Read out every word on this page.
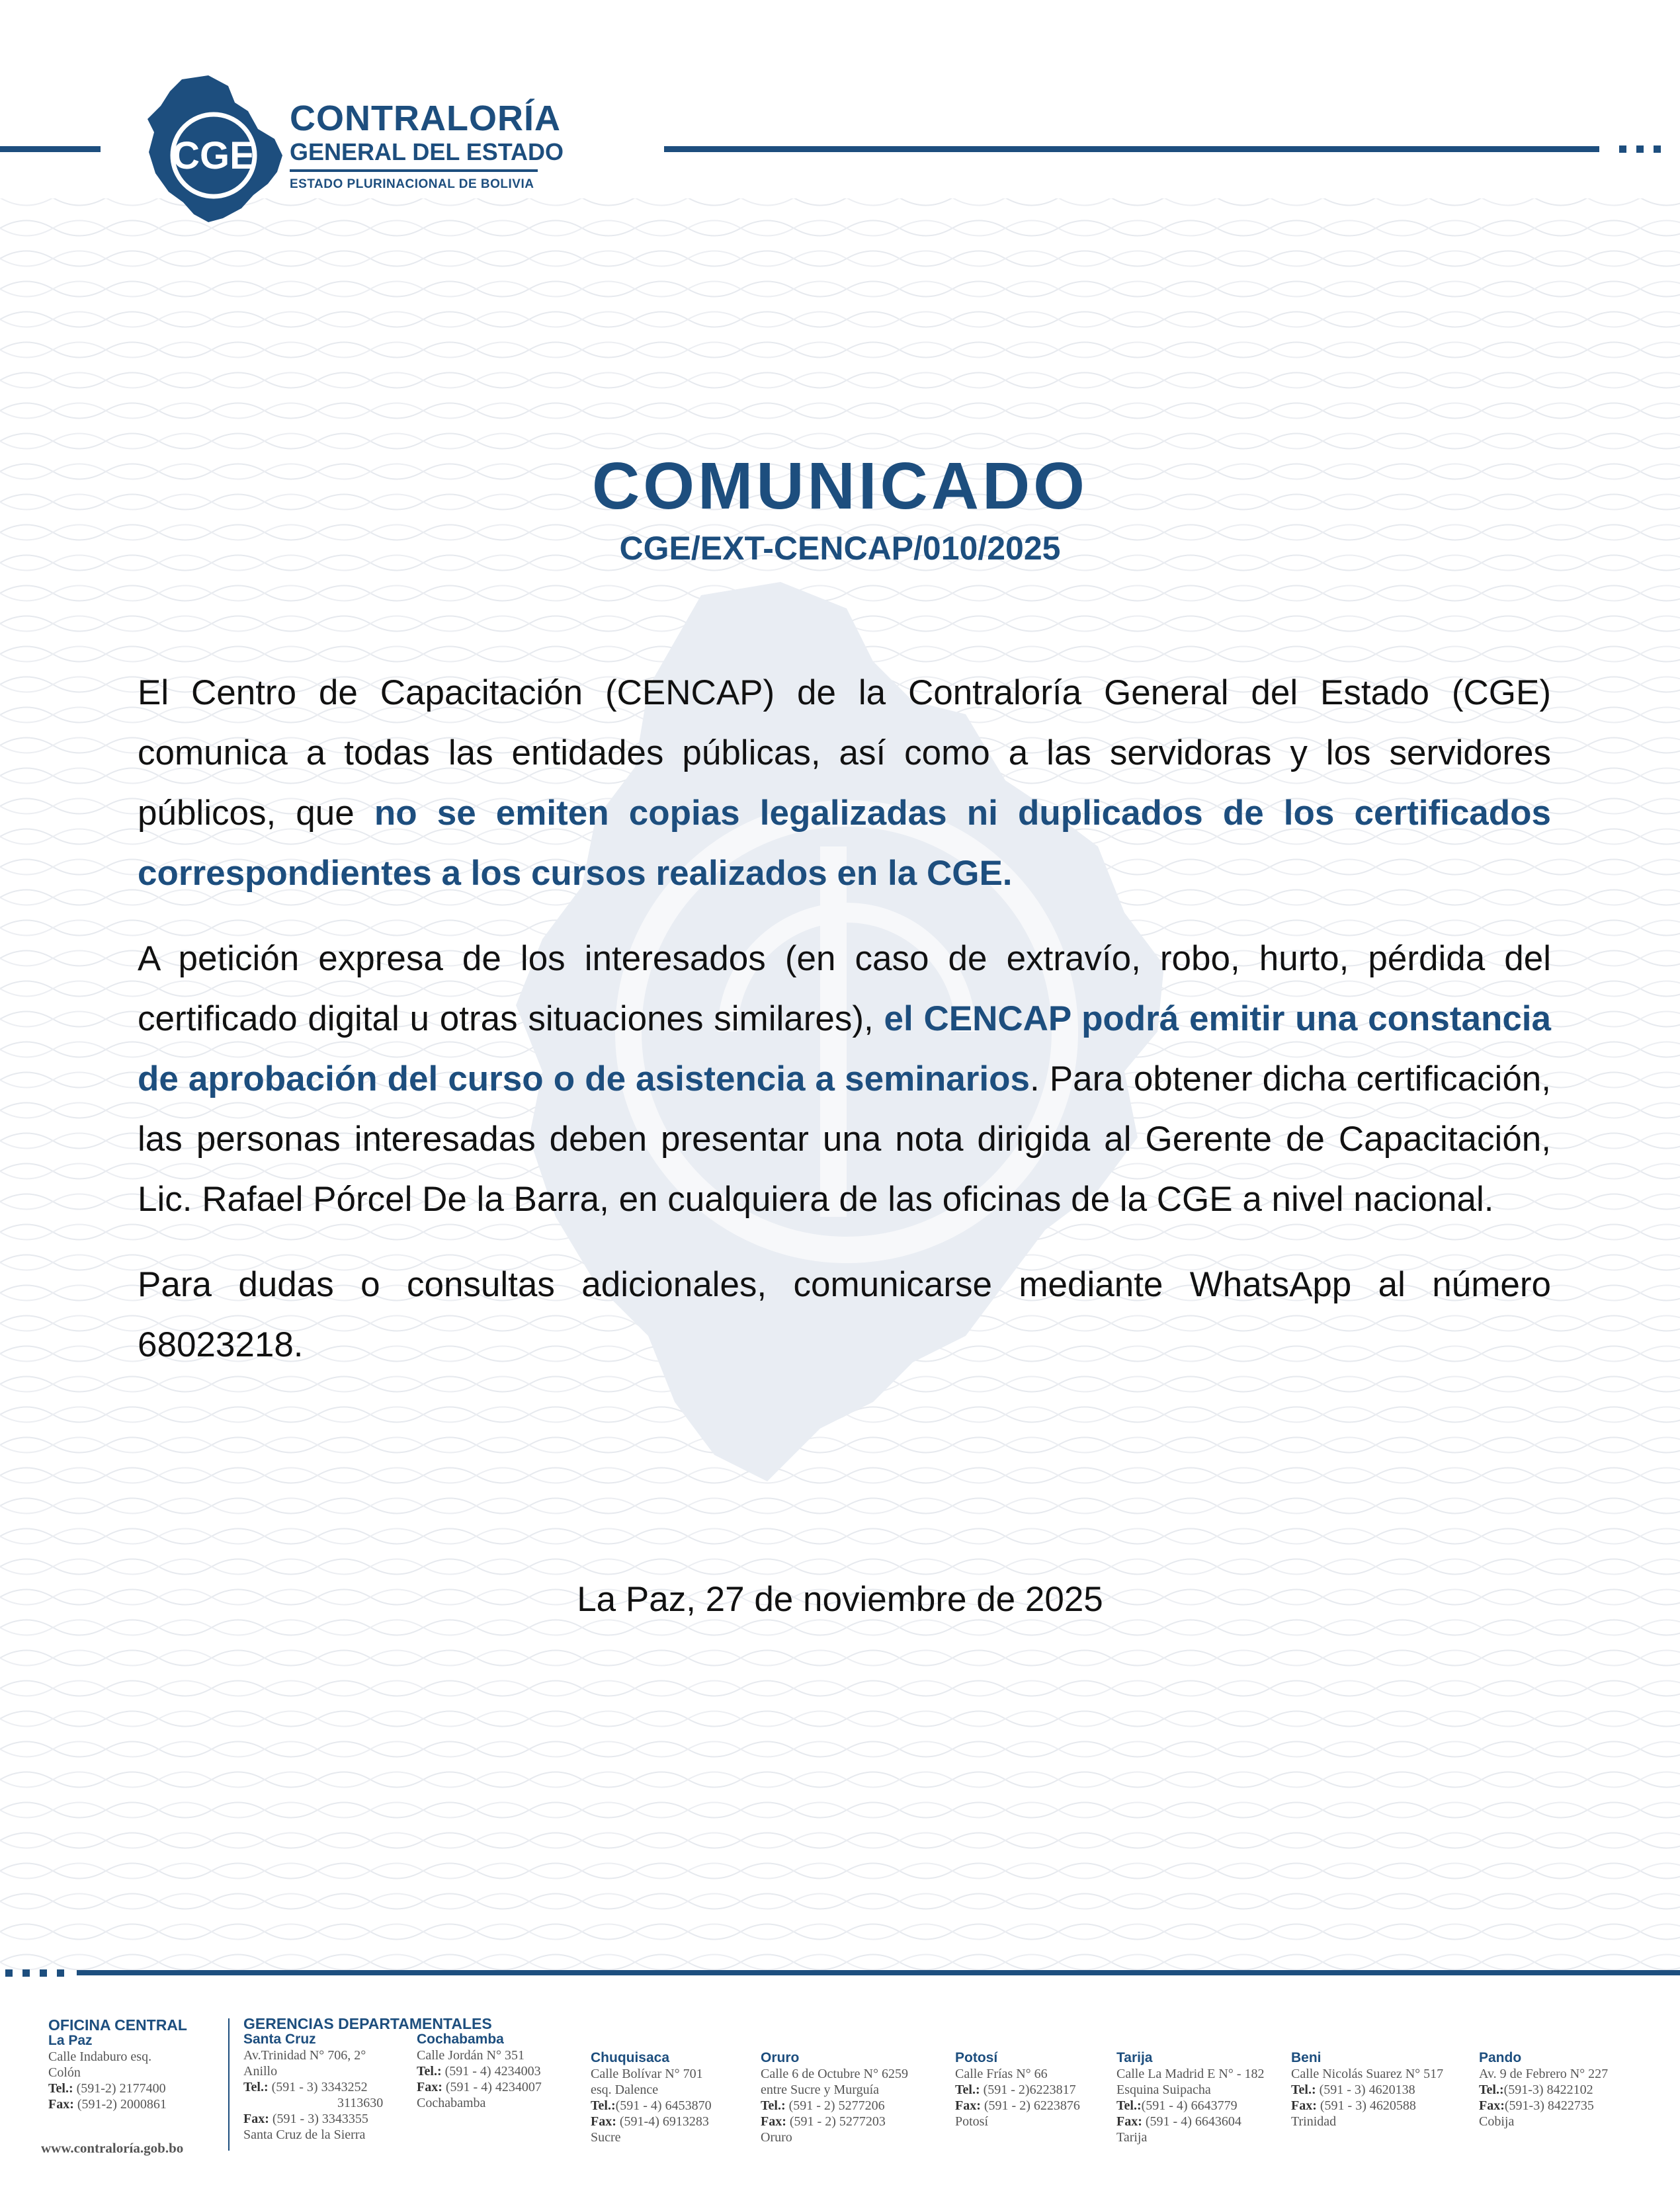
CGE
CONTRALORÍA
GENERAL DEL ESTADO
ESTADO PLURINACIONAL DE BOLIVIA
COMUNICADO
CGE/EXT-CENCAP/010/2025

El Centro de Capacitación (CENCAP) de la Contraloría General del Estado (CGE) comunica a todas las entidades públicas, así como a las servidoras y los servidores públicos, que no se emiten copias legalizadas ni duplicados de los certificados correspondientes a los cursos realizados en la CGE.

A petición expresa de los interesados (en caso de extravío, robo, hurto, pérdida del certificado digital u otras situaciones similares), el CENCAP podrá emitir una constancia de aprobación del curso o de asistencia a seminarios. Para obtener dicha certificación, las personas interesadas deben presentar una nota dirigida al Gerente de Capacitación, Lic. Rafael Pórcel De la Barra, en cualquiera de las oficinas de la CGE a nivel nacional.

Para dudas o consultas adicionales, comunicarse mediante WhatsApp al número 68023218.

La Paz, 27 de noviembre de 2025
OFICINA CENTRAL
La Paz
Calle Indaburo esq.
Colón
Tel.: (591-2) 2177400
Fax: (591-2) 2000861
www.contraloría.gob.bo
GERENCIAS DEPARTAMENTALES
Santa Cruz
Av.Trinidad N° 706, 2°
Anillo
Tel.: (591 - 3) 3343252
3113630
Fax: (591 - 3) 3343355
Santa Cruz de la Sierra
Cochabamba
Calle Jordán N° 351
Tel.: (591 - 4) 4234003
Fax: (591 - 4) 4234007
Cochabamba
Chuquisaca
Calle Bolívar N° 701
esq. Dalence
Tel.:(591 - 4) 6453870
Fax: (591-4) 6913283
Sucre
Oruro
Calle 6 de Octubre N° 6259
entre Sucre y Murguía
Tel.: (591 - 2) 5277206
Fax: (591 - 2) 5277203
Oruro
Potosí
Calle Frías N° 66
Tel.: (591 - 2)6223817
Fax: (591 - 2) 6223876
Potosí
Tarija
Calle La Madrid E N° - 182
Esquina Suipacha
Tel.:(591 - 4) 6643779
Fax: (591 - 4) 6643604
Tarija
Beni
Calle Nicolás Suarez N° 517
Tel.: (591 - 3) 4620138
Fax: (591 - 3) 4620588
Trinidad
Pando
Av. 9 de Febrero N° 227
Tel.:(591-3) 8422102
Fax:(591-3) 8422735
Cobija
